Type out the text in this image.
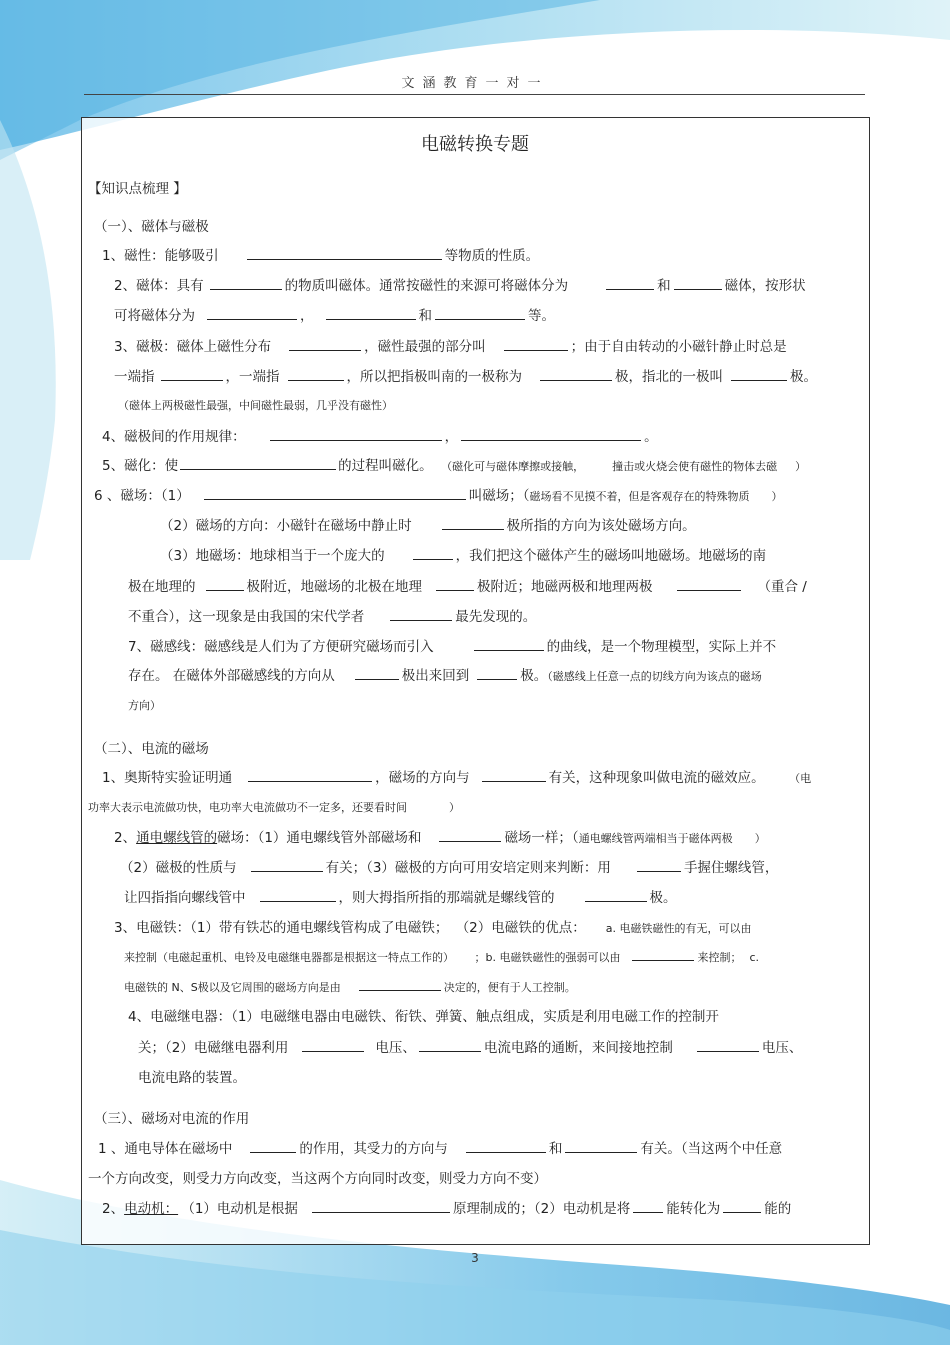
文涵教育一对一
电磁转换专题
【知识点梳理 】
（一）、磁体与磁极
1、磁性：能够吸引	等物质的性质。
2、磁体：具有	的物质叫磁体。通常按磁性的来源可将磁体分为	和	磁体，按形状
可将磁体分为	，	和	等。
3、磁极：磁体上磁性分布	，磁性最强的部分叫	；由于自由转动的小磁针静止时总是
一端指	，一端指	，所以把指极叫南的一极称为	极，指北的一极叫	极。
（磁体上两极磁性最强，中间磁性最弱，几乎没有磁性）
4、磁极间的作用规律：	，	。
5、磁化：使	的过程叫磁化。 （磁化可与磁体摩擦或接触，	撞击或火烧会使有磁性的物体去磁 ）
6 、磁场：（1）	叫磁场；（磁场看不见摸不着，但是客观存在的特殊物质 ）
（2）磁场的方向：小磁针在磁场中静止时	极所指的方向为该处磁场方向。
（3）地磁场：地球相当于一个庞大的	，我们把这个磁体产生的磁场叫地磁场。地磁场的南
极在地理的	极附近，地磁场的北极在地理	极附近；地磁两极和地理两极	（重合 /
不重合），这一现象是由我国的宋代学者	最先发现的。
7、磁感线：磁感线是人们为了方便研究磁场而引入	的曲线，是一个物理模型，实际上并不
存在。 在磁体外部磁感线的方向从	极出来回到	极。（磁感线上任意一点的切线方向为该点的磁场
方向）
（二）、电流的磁场
1、奥斯特实验证明通	，磁场的方向与	有关，这种现象叫做电流的磁效应。	（电
功率大表示电流做功快，电功率大电流做功不一定多，还要看时间	）
2、通电螺线管的磁场：（1）通电螺线管外部磁场和	磁场一样；（通电螺线管两端相当于磁体两极 ）
（2）磁极的性质与	有关；（3）磁极的方向可用安培定则来判断：用	手握住螺线管，
让四指指向螺线管中	，则大拇指所指的那端就是螺线管的	极。
3、电磁铁：（1）带有铁芯的通电螺线管构成了电磁铁； （2）电磁铁的优点： a. 电磁铁磁性的有无，可以由
来控制（电磁起重机、电铃及电磁继电器都是根据这一特点工作的） ；b. 电磁铁磁性的强弱可以由	来控制； c.
电磁铁的 N、S极以及它周围的磁场方向是由	决定的，便有于人工控制。
4、电磁继电器：（1）电磁继电器由电磁铁、衔铁、弹簧、触点组成，实质是利用电磁工作的控制开
关；（2）电磁继电器利用	电压、	电流电路的通断，来间接地控制	电压、
电流电路的装置。
（三）、磁场对电流的作用
1 、通电导体在磁场中	的作用，其受力的方向与	和	有关。（当这两个中任意
一个方向改变，则受力方向改变，当这两个方向同时改变，则受力方向不变）
2、电动机： （1）电动机是根据	原理制成的；（2）电动机是将	能转化为	能的
3
